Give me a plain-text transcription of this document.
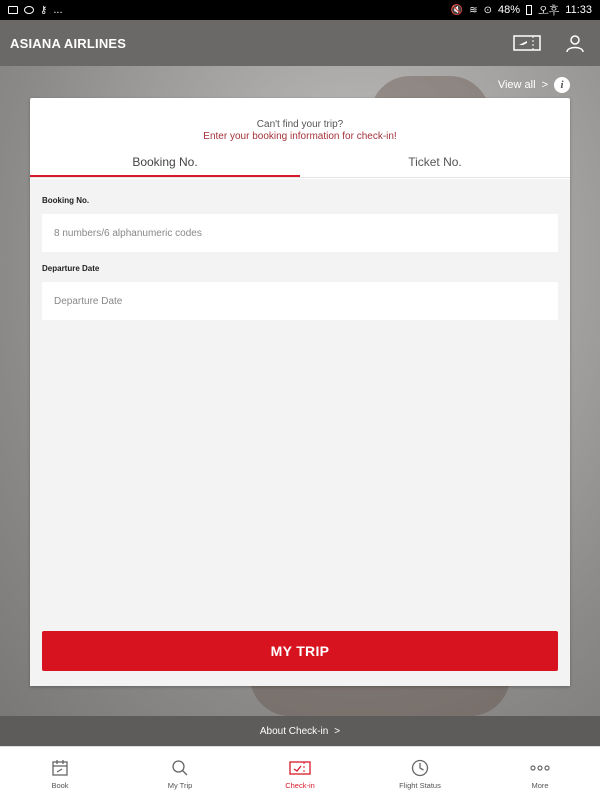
⚷ ...	🔇 ≋ ⊙ 48% 오후 11:33
ASIANA AIRLINES
View all >	i
Can't find your trip?
Enter your booking information for check-in!
Booking No.	Ticket No.
Booking No.
8 numbers/6 alphanumeric codes
Departure Date
Departure Date
MY TRIP
About Check-in >
Book	My Trip	Check-in	Flight Status	More
